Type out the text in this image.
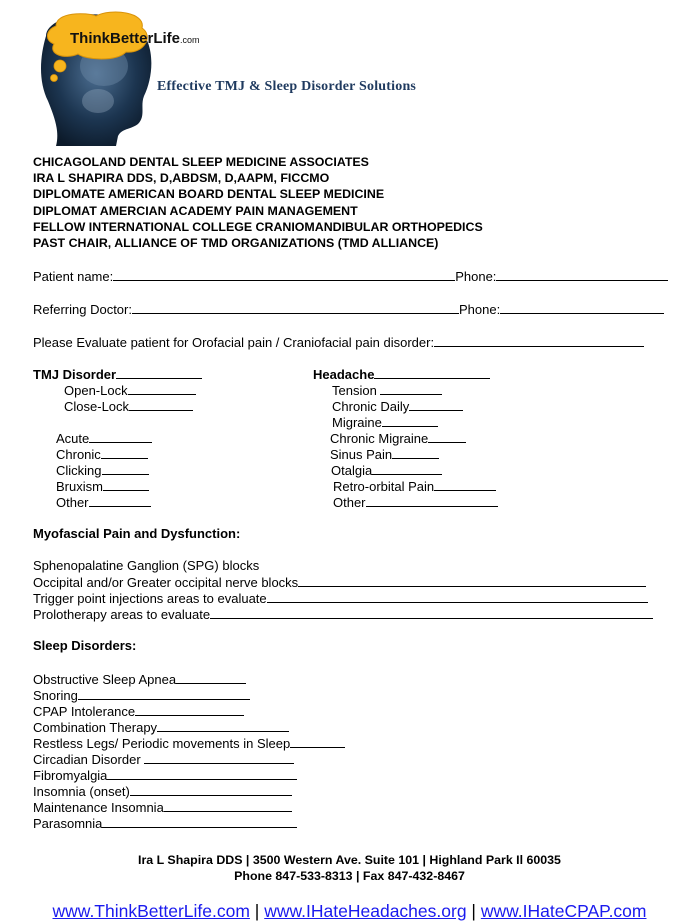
ThinkBetterLife.com
Effective TMJ & Sleep Disorder Solutions
CHICAGOLAND DENTAL SLEEP MEDICINE ASSOCIATES
IRA L SHAPIRA DDS, D,ABDSM, D,AAPM, FICCMO
DIPLOMATE AMERICAN BOARD DENTAL SLEEP MEDICINE
DIPLOMAT AMERCIAN ACADEMY PAIN MANAGEMENT
FELLOW INTERNATIONAL COLLEGE CRANIOMANDIBULAR ORTHOPEDICS
PAST CHAIR, ALLIANCE OF TMD ORGANIZATIONS (TMD ALLIANCE)
Patient name:	Phone:
Referring Doctor:	Phone:
Please Evaluate patient for Orofacial pain / Craniofacial pain disorder:
TMJ Disorder
Open-Lock
Close-Lock
Acute
Chronic
Clicking
Bruxism
Other
Headache
Tension
Chronic Daily
Migraine
Chronic Migraine
Sinus Pain
Otalgia
Retro-orbital Pain
Other
Myofascial Pain and Dysfunction:
Sphenopalatine Ganglion (SPG) blocks
Occipital and/or Greater occipital nerve blocks
Trigger point injections areas to evaluate
Prolotherapy areas to evaluate
Sleep Disorders:
Obstructive Sleep Apnea
Snoring
CPAP Intolerance
Combination Therapy
Restless Legs/ Periodic movements in Sleep
Circadian Disorder
Fibromyalgia
Insomnia (onset)
Maintenance Insomnia
Parasomnia
Ira L Shapira DDS | 3500 Western Ave. Suite 101 | Highland Park Il 60035
Phone 847-533-8313 | Fax 847-432-8467
www.ThinkBetterLife.com | www.IHateHeadaches.org | www.IHateCPAP.com
